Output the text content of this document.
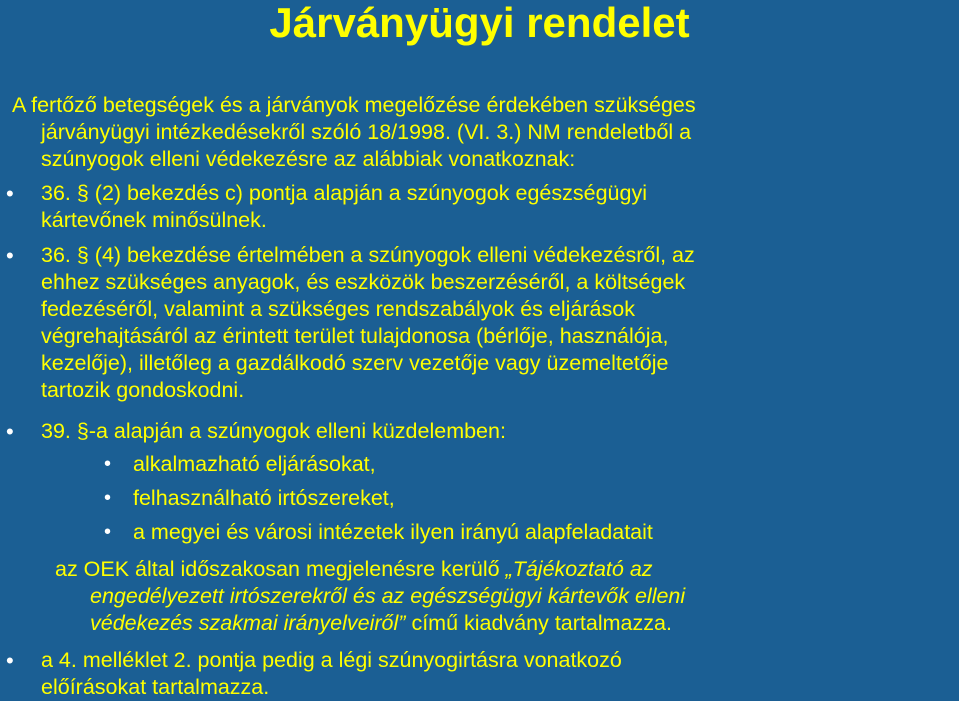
Járványügyi rendelet
A fertőző betegségek és a járványok megelőzése érdekében szükséges
járványügyi intézkedésekről szóló 18/1998. (VI. 3.) NM rendeletből a
szúnyogok elleni védekezésre az alábbiak vonatkoznak:
• 36. § (2) bekezdés c) pontja alapján a szúnyogok egészségügyi
kártevőnek minősülnek.
• 36. § (4) bekezdése értelmében a szúnyogok elleni védekezésről, az
ehhez szükséges anyagok, és eszközök beszerzéséről, a költségek
fedezéséről, valamint a szükséges rendszabályok és eljárások
végrehajtásáról az érintett terület tulajdonosa (bérlője, használója,
kezelője), illetőleg a gazdálkodó szerv vezetője vagy üzemeltetője
tartozik gondoskodni.
• 39. §-a alapján a szúnyogok elleni küzdelemben:
• alkalmazható eljárásokat,
• felhasználható irtószereket,
• a megyei és városi intézetek ilyen irányú alapfeladatait
az OEK által időszakosan megjelenésre kerülő „Tájékoztató az
engedélyezett irtószerekről és az egészségügyi kártevők elleni
védekezés szakmai irányelveiről” című kiadvány tartalmazza.
• a 4. melléklet 2. pontja pedig a légi szúnyogirtásra vonatkozó
előírásokat tartalmazza.
